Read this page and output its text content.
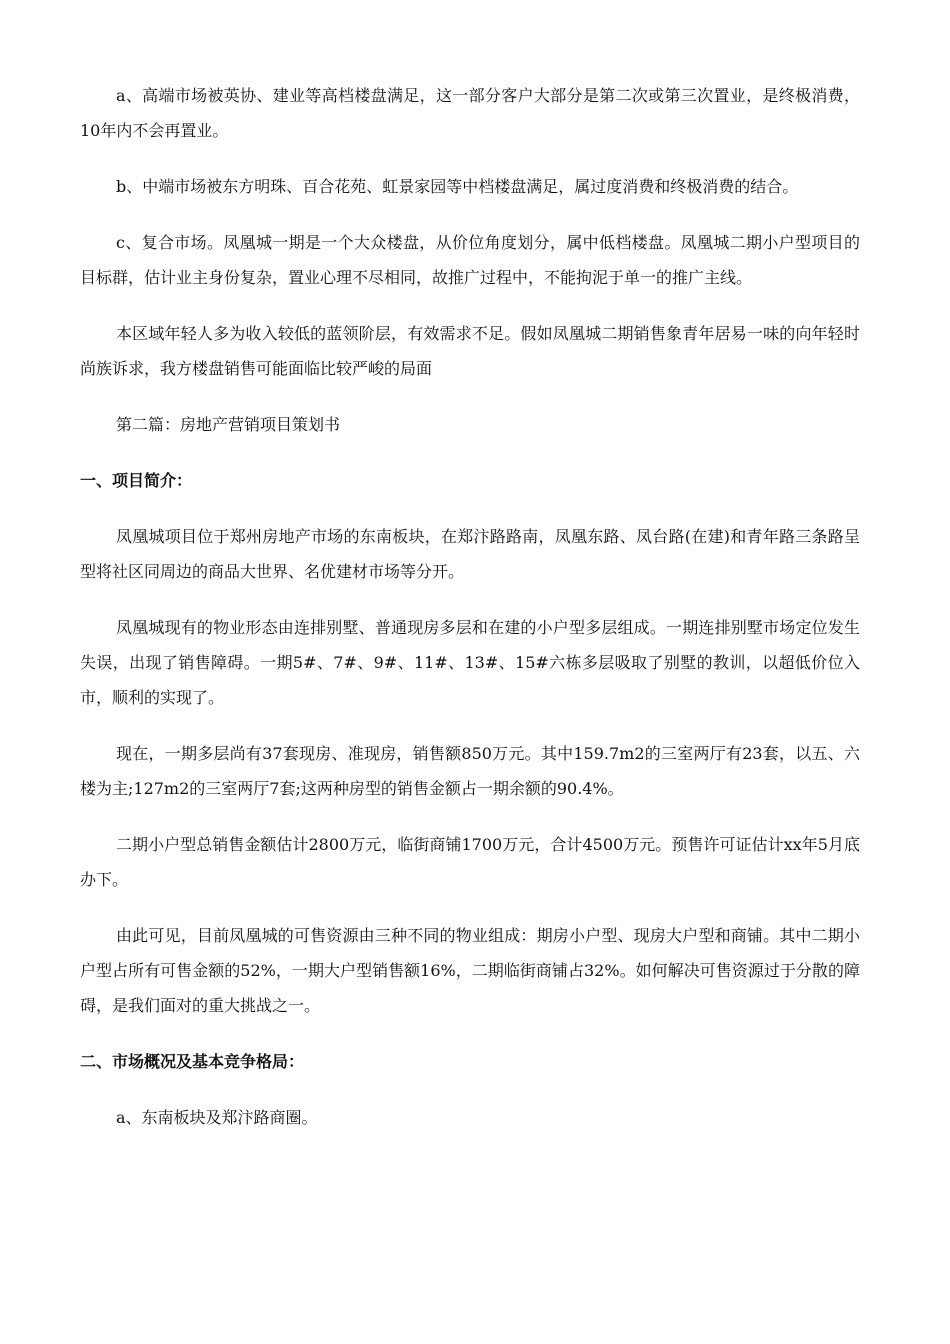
a、高端市场被英协、建业等高档楼盘满足，这一部分客户大部分是第二次或第三次置业，是终极消费，10年内不会再置业。

b、中端市场被东方明珠、百合花苑、虹景家园等中档楼盘满足，属过度消费和终极消费的结合。

c、复合市场。凤凰城一期是一个大众楼盘，从价位角度划分，属中低档楼盘。凤凰城二期小户型项目的目标群，估计业主身份复杂，置业心理不尽相同，故推广过程中，不能拘泥于单一的推广主线。

本区域年轻人多为收入较低的蓝领阶层，有效需求不足。假如凤凰城二期销售象青年居易一味的向年轻时尚族诉求，我方楼盘销售可能面临比较严峻的局面

第二篇：房地产营销项目策划书

一、项目简介：

凤凰城项目位于郑州房地产市场的东南板块，在郑汴路路南，凤凰东路、凤台路(在建)和青年路三条路呈型将社区同周边的商品大世界、名优建材市场等分开。

凤凰城现有的物业形态由连排别墅、普通现房多层和在建的小户型多层组成。一期连排别墅市场定位发生失误，出现了销售障碍。一期5#、7#、9#、11#、13#、15#六栋多层吸取了别墅的教训，以超低价位入市，顺利的实现了。

现在，一期多层尚有37套现房、准现房，销售额850万元。其中159.7m2的三室两厅有23套，以五、六楼为主;127m2的三室两厅7套;这两种房型的销售金额占一期余额的90.4%。

二期小户型总销售金额估计2800万元，临街商铺1700万元，合计4500万元。预售许可证估计xx年5月底办下。

由此可见，目前凤凰城的可售资源由三种不同的物业组成：期房小户型、现房大户型和商铺。其中二期小户型占所有可售金额的52%，一期大户型销售额16%，二期临街商铺占32%。如何解决可售资源过于分散的障碍，是我们面对的重大挑战之一。

二、市场概况及基本竞争格局：

a、东南板块及郑汴路商圈。
